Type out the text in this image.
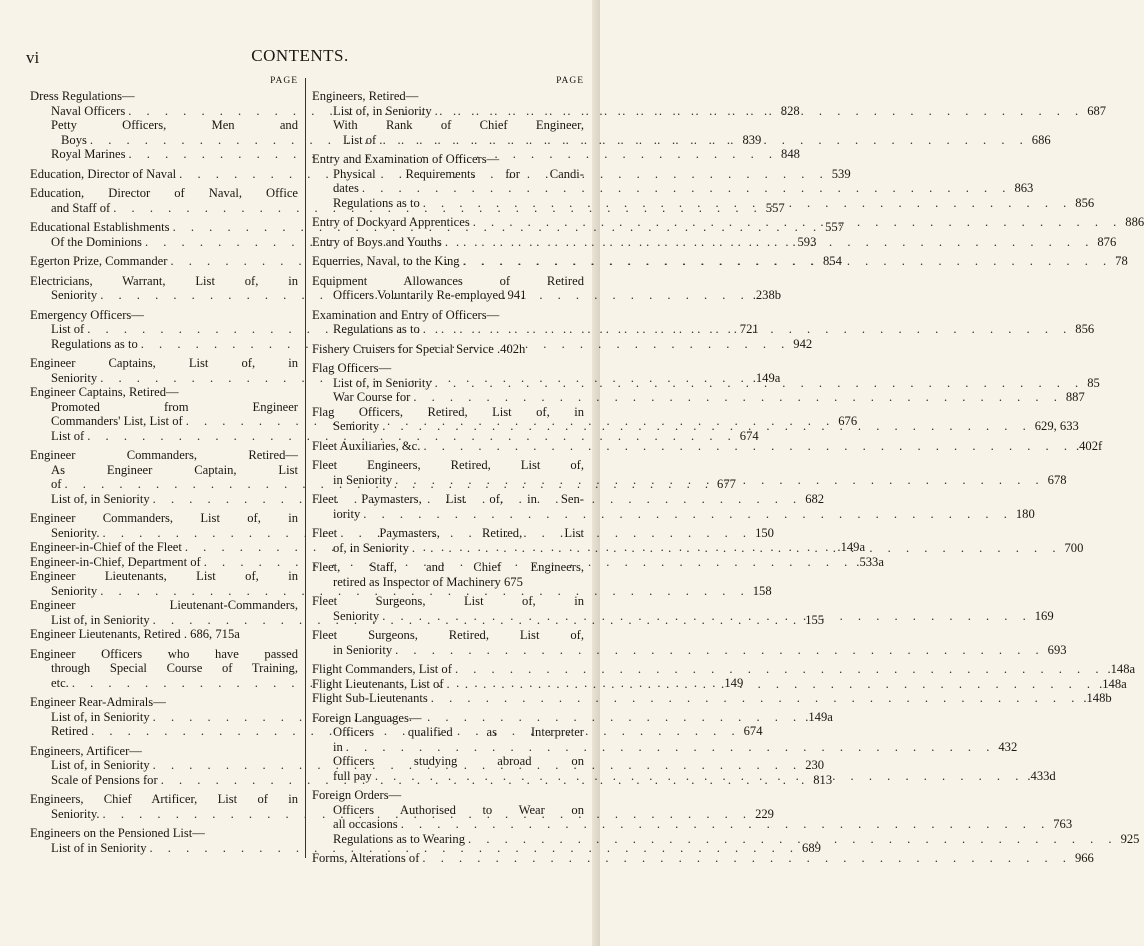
vi	CONTENTS.
PAGE
Dress Regulations—
Naval Officers . . .	828
Petty Officers, Men and
Boys . . .	839
Royal Marines . . .	848
Education, Director of Naval . . .	539
Education, Director of Naval, Office
and Staff of . . .	557
Educational Establishments . . .	557
Of the Dominions . . .	593
Egerton Prize, Commander . . .	854
Electricians, Warrant, List of, in
Seniority . . .	.238b
Emergency Officers—
List of . . .	721
Regulations as to . . .	942
Engineer Captains, List of, in
Seniority . . .	.149a
Engineer Captains, Retired—
Promoted from Engineer
Commanders' List, List of . . .	676
List of . . .	674
Engineer Commanders, Retired—
As Engineer Captain, List
of . . .	677
List of, in Seniority . . .	682
Engineer Commanders, List of, in
Seniority. . . .	150
Engineer-in-Chief of the Fleet . . .	.149a
Engineer-in-Chief, Department of . . .	.533a
Engineer Lieutenants, List of, in
Seniority . . .	158
Engineer Lieutenant-Commanders,
List of, in Seniority . . .	155
Engineer Lieutenants, Retired . 686, 715a
Engineer Officers who have passed
through Special Course of Training,
etc. . . .	149
Engineer Rear-Admirals—
List of, in Seniority . . .	.149a
Retired . . .	674
Engineers, Artificer—
List of, in Seniority . . .	230
Scale of Pensions for . . .	813
Engineers, Chief Artificer, List of in
Seniority. . . .	229
Engineers on the Pensioned List—
List of in Seniority . . .	689
PAGE
Engineers, Retired—
List of, in Seniority . . .	687
With Rank of Chief Engineer,
List of . . .	686
Entry and Examination of Officers—
Physical Requirements for Candi-
dates . . .	863
Regulations as to . . .	856
Entry of Dockyard Apprentices . . .	886
Entry of Boys and Youths . . .	876
Equerries, Naval, to the King . . .	78
Equipment Allowances of Retired
Officers Voluntarily Re-employed 941
Examination and Entry of Officers—
Regulations as to . . .	856
Fishery Cruisers for Special Service .402h
Flag Officers—
List of, in Seniority . . .	85
War Course for . . .	887
Flag Officers, Retired, List of, in
Seniority . . .	629, 633
Fleet Auxiliaries, &c. . . .	.402f
Fleet Engineers, Retired, List of,
in Seniority . . .	678
Fleet Paymasters, List of, in Sen-
iority . . .	180
Fleet Paymasters, Retired, List
of, in Seniority . . .	700
Fleet, Staff, and Chief Engineers,
retired as Inspector of Machinery 675
Fleet Surgeons, List of, in
Seniority . . .	169
Fleet Surgeons, Retired, List of,
in Seniority . . .	693
Flight Commanders, List of . . .	.148a
Flight Lieutenants, List of . . .	.148a
Flight Sub-Lieutenants . . .	.148b
Foreign Languages—
Officers qualified as Interpreter
in . . .	432
Officers studying abroad on
full pay . . .	.433d
Foreign Orders—
Officers Authorised to Wear on
all occasions . . .	763
Regulations as to Wearing . . .	925
Forms, Alterations of . . .	966
